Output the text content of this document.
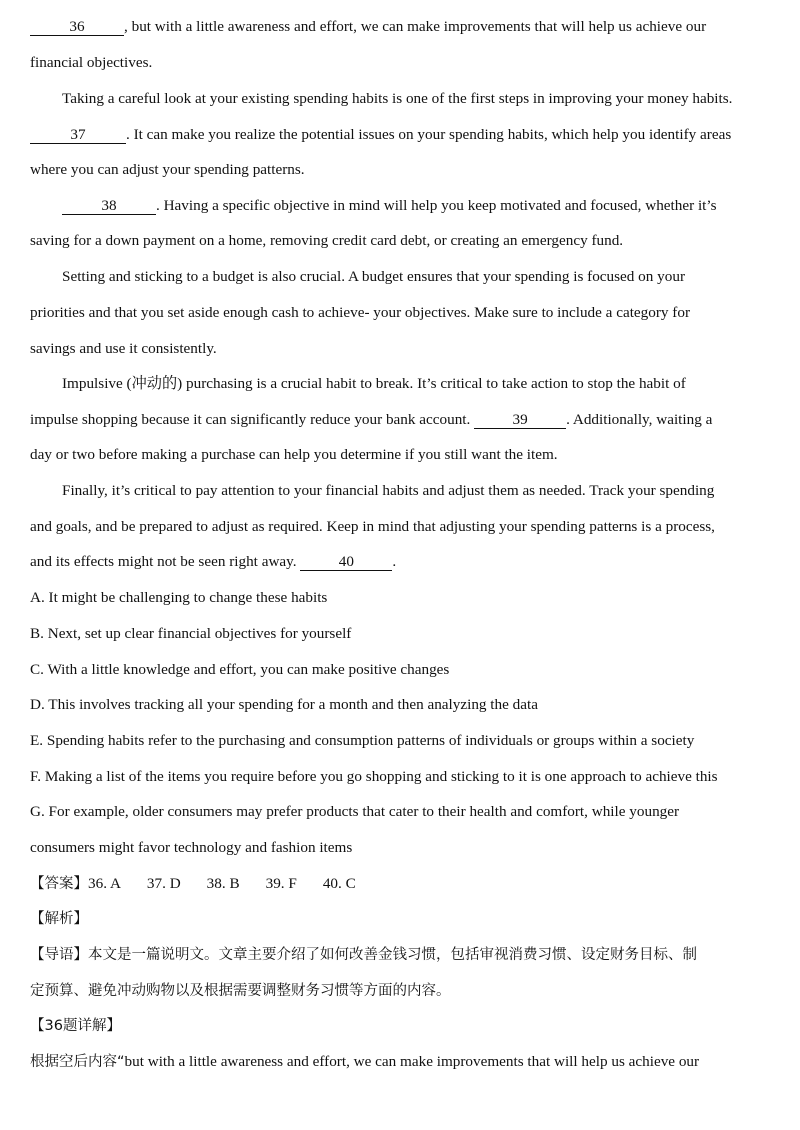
36	, but with a little awareness and effort, we can make improvements that will help us achieve our
financial objectives.
Taking a careful look at your existing spending habits is one of the first steps in improving your money habits.
37	. It can make you realize the potential issues on your spending habits, which help you identify areas
where you can adjust your spending patterns.
38	. Having a specific objective in mind will help you keep motivated and focused, whether it’s
saving for a down payment on a home, removing credit card debt, or creating an emergency fund.
Setting and sticking to a budget is also crucial. A budget ensures that your spending is focused on your
priorities and that you set aside enough cash to achieve- your objectives. Make sure to include a category for
savings and use it consistently.
Impulsive (冲动的) purchasing is a crucial habit to break. It’s critical to take action to stop the habit of
impulse shopping because it can significantly reduce your bank account.	39	. Additionally, waiting a
day or two before making a purchase can help you determine if you still want the item.
Finally, it’s critical to pay attention to your financial habits and adjust them as needed. Track your spending
and goals, and be prepared to adjust as required. Keep in mind that adjusting your spending patterns is a process,
and its effects might not be seen right away.	40	.
A. It might be challenging to change these habits
B. Next, set up clear financial objectives for yourself
C. With a little knowledge and effort, you can make positive changes
D. This involves tracking all your spending for a month and then analyzing the data
E. Spending habits refer to the purchasing and consumption patterns of individuals or groups within a society
F. Making a list of the items you require before you go shopping and sticking to it is one approach to achieve this
G. For example, older consumers may prefer products that cater to their health and comfort, while younger
consumers might favor technology and fashion items
【答案】36. A 37. D 38. B 39. F 40. C
【解析】
【导语】本文是一篇说明文。文章主要介绍了如何改善金钱习惯，包括审视消费习惯、设定财务目标、制
定预算、避免冲动购物以及根据需要调整财务习惯等方面的内容。
【36题详解】
根据空后内容“but with a little awareness and effort, we can make improvements that will help us achieve our
